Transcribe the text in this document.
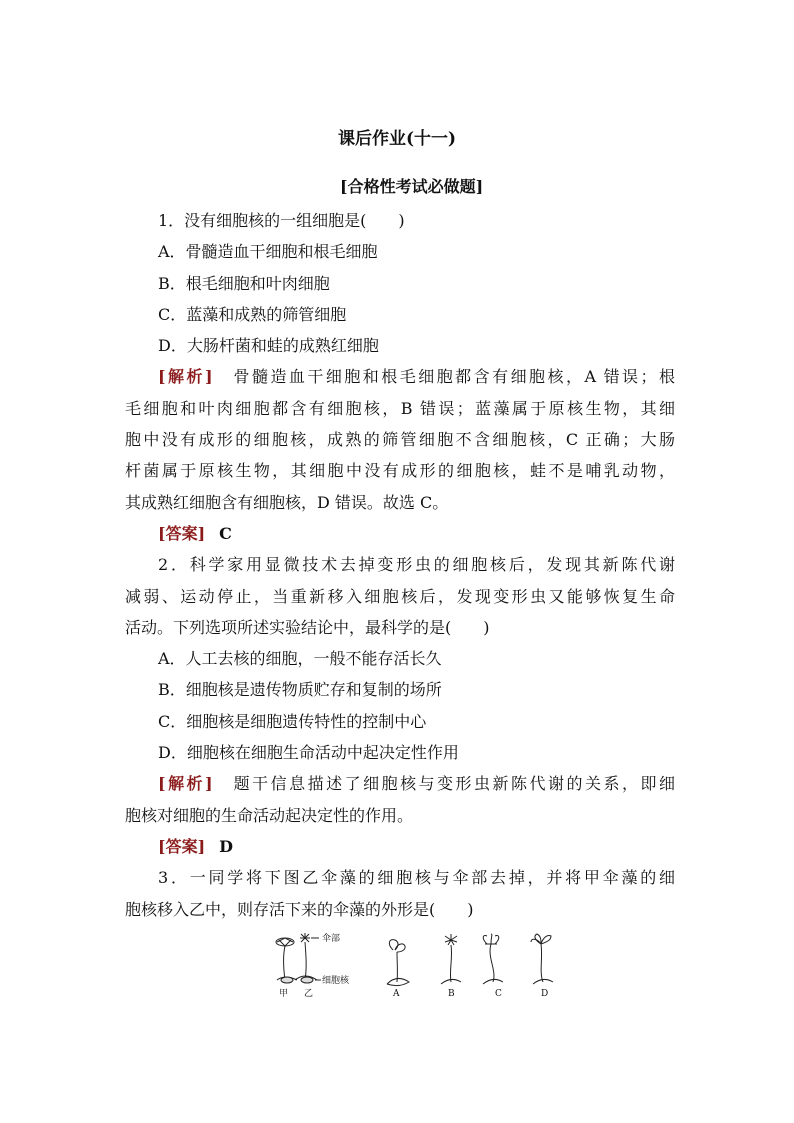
课后作业(十一)
[合格性考试必做题]
1．没有细胞核的一组细胞是(　　)
A．骨髓造血干细胞和根毛细胞
B．根毛细胞和叶肉细胞
C．蓝藻和成熟的筛管细胞
D．大肠杆菌和蛙的成熟红细胞
[解析]　 骨髓造血干细胞和根毛细胞都含有细胞核，A 错误；根
毛细胞和叶肉细胞都含有细胞核，B 错误；蓝藻属于原核生物，其细
胞中没有成形的细胞核，成熟的筛管细胞不含细胞核，C 正确；大肠
杆菌属于原核生物，其细胞中没有成形的细胞核，蛙不是哺乳动物，
其成熟红细胞含有细胞核，D 错误。故选 C。
[答案] C
2．科学家用显微技术去掉变形虫的细胞核后，发现其新陈代谢
减弱、运动停止，当重新移入细胞核后，发现变形虫又能够恢复生命
活动。下列选项所述实验结论中，最科学的是(　　)
A．人工去核的细胞，一般不能存活长久
B．细胞核是遗传物质贮存和复制的场所
C．细胞核是细胞遗传特性的控制中心
D．细胞核在细胞生命活动中起决定性作用
[解析]　 题干信息描述了细胞核与变形虫新陈代谢的关系，即细
胞核对细胞的生命活动起决定性的作用。
[答案] D
3．一同学将下图乙伞藻的细胞核与伞部去掉，并将甲伞藻的细
胞核移入乙中，则存活下来的伞藻的外形是(　　)
伞部
细胞核
甲 乙	A	B	C	D
